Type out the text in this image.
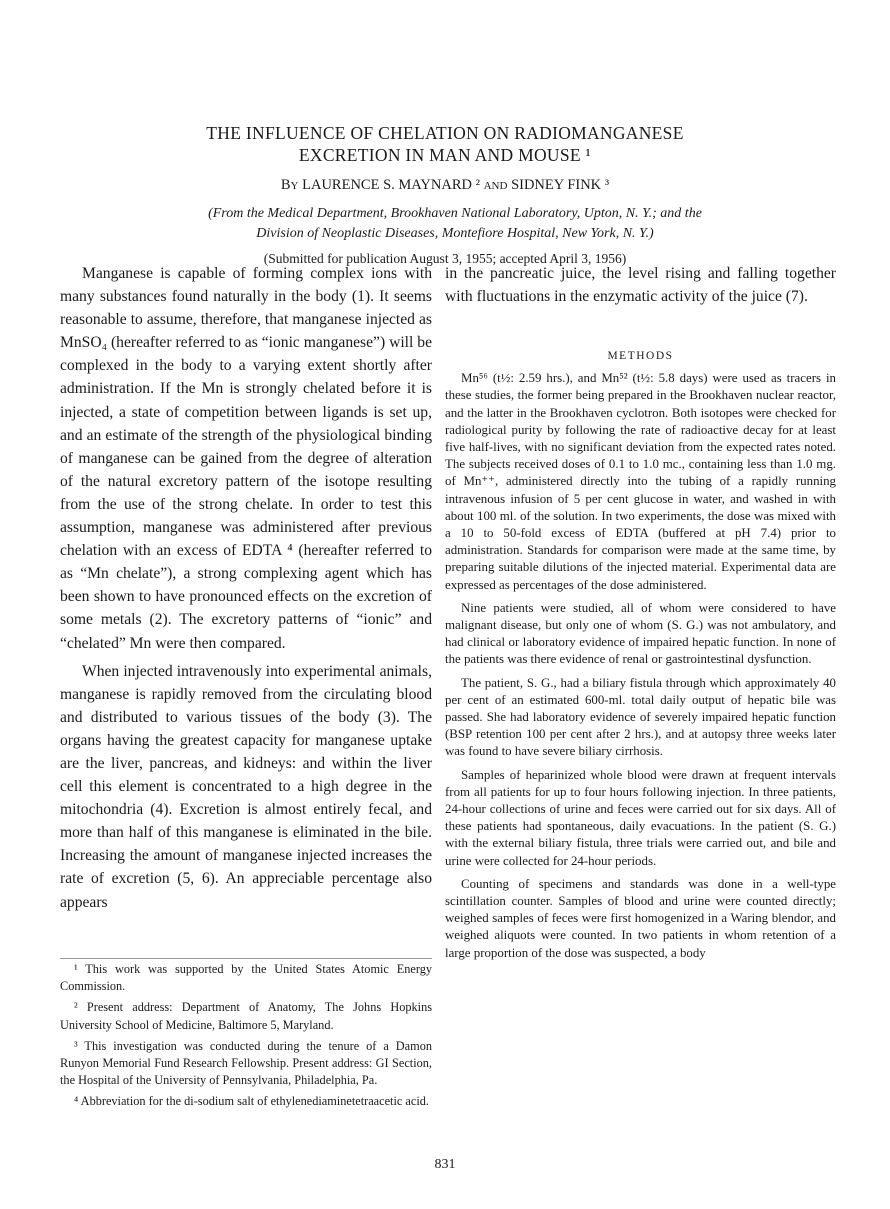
THE INFLUENCE OF CHELATION ON RADIOMANGANESE
EXCRETION IN MAN AND MOUSE ¹
BY LAURENCE S. MAYNARD ² AND SIDNEY FINK ³
(From the Medical Department, Brookhaven National Laboratory, Upton, N. Y.; and the
Division of Neoplastic Diseases, Montefiore Hospital, New York, N. Y.)
(Submitted for publication August 3, 1955; accepted April 3, 1956)

Manganese is capable of forming complex ions with many substances found naturally in the body (1). It seems reasonable to assume, therefore, that manganese injected as MnSO₄ (hereafter referred to as “ionic manganese”) will be complexed in the body to a varying extent shortly after administration. If the Mn is strongly chelated before it is injected, a state of competition between ligands is set up, and an estimate of the strength of the physiological binding of manganese can be gained from the degree of alteration of the natural excretory pattern of the isotope resulting from the use of the strong chelate. In order to test this assumption, manganese was administered after previous chelation with an excess of EDTA ⁴ (hereafter referred to as “Mn chelate”), a strong complexing agent which has been shown to have pronounced effects on the excretion of some metals (2). The excretory patterns of “ionic” and “chelated” Mn were then compared.

When injected intravenously into experimental animals, manganese is rapidly removed from the circulating blood and distributed to various tissues of the body (3). The organs having the greatest capacity for manganese uptake are the liver, pancreas, and kidneys: and within the liver cell this element is concentrated to a high degree in the mitochondria (4). Excretion is almost entirely fecal, and more than half of this manganese is eliminated in the bile. Increasing the amount of manganese injected increases the rate of excretion (5, 6). An appreciable percentage also appears

¹ This work was supported by the United States Atomic Energy Commission.

² Present address: Department of Anatomy, The Johns Hopkins University School of Medicine, Baltimore 5, Maryland.

³ This investigation was conducted during the tenure of a Damon Runyon Memorial Fund Research Fellowship. Present address: GI Section, the Hospital of the University of Pennsylvania, Philadelphia, Pa.

⁴ Abbreviation for the di-sodium salt of ethylenediaminetetraacetic acid.

in the pancreatic juice, the level rising and falling together with fluctuations in the enzymatic activity of the juice (7).

METHODS

Mn⁵⁶ (t½: 2.59 hrs.), and Mn⁵² (t½: 5.8 days) were used as tracers in these studies, the former being prepared in the Brookhaven nuclear reactor, and the latter in the Brookhaven cyclotron. Both isotopes were checked for radiological purity by following the rate of radioactive decay for at least five half-lives, with no significant deviation from the expected rates noted. The subjects received doses of 0.1 to 1.0 mc., containing less than 1.0 mg. of Mn⁺⁺, administered directly into the tubing of a rapidly running intravenous infusion of 5 per cent glucose in water, and washed in with about 100 ml. of the solution. In two experiments, the dose was mixed with a 10 to 50-fold excess of EDTA (buffered at pH 7.4) prior to administration. Standards for comparison were made at the same time, by preparing suitable dilutions of the injected material. Experimental data are expressed as percentages of the dose administered.

Nine patients were studied, all of whom were considered to have malignant disease, but only one of whom (S. G.) was not ambulatory, and had clinical or laboratory evidence of impaired hepatic function. In none of the patients was there evidence of renal or gastrointestinal dysfunction.

The patient, S. G., had a biliary fistula through which approximately 40 per cent of an estimated 600-ml. total daily output of hepatic bile was passed. She had laboratory evidence of severely impaired hepatic function (BSP retention 100 per cent after 2 hrs.), and at autopsy three weeks later was found to have severe biliary cirrhosis.

Samples of heparinized whole blood were drawn at frequent intervals from all patients for up to four hours following injection. In three patients, 24-hour collections of urine and feces were carried out for six days. All of these patients had spontaneous, daily evacuations. In the patient (S. G.) with the external biliary fistula, three trials were carried out, and bile and urine were collected for 24-hour periods.

Counting of specimens and standards was done in a well-type scintillation counter. Samples of blood and urine were counted directly; weighed samples of feces were first homogenized in a Waring blendor, and weighed aliquots were counted. In two patients in whom retention of a large proportion of the dose was suspected, a body

831
